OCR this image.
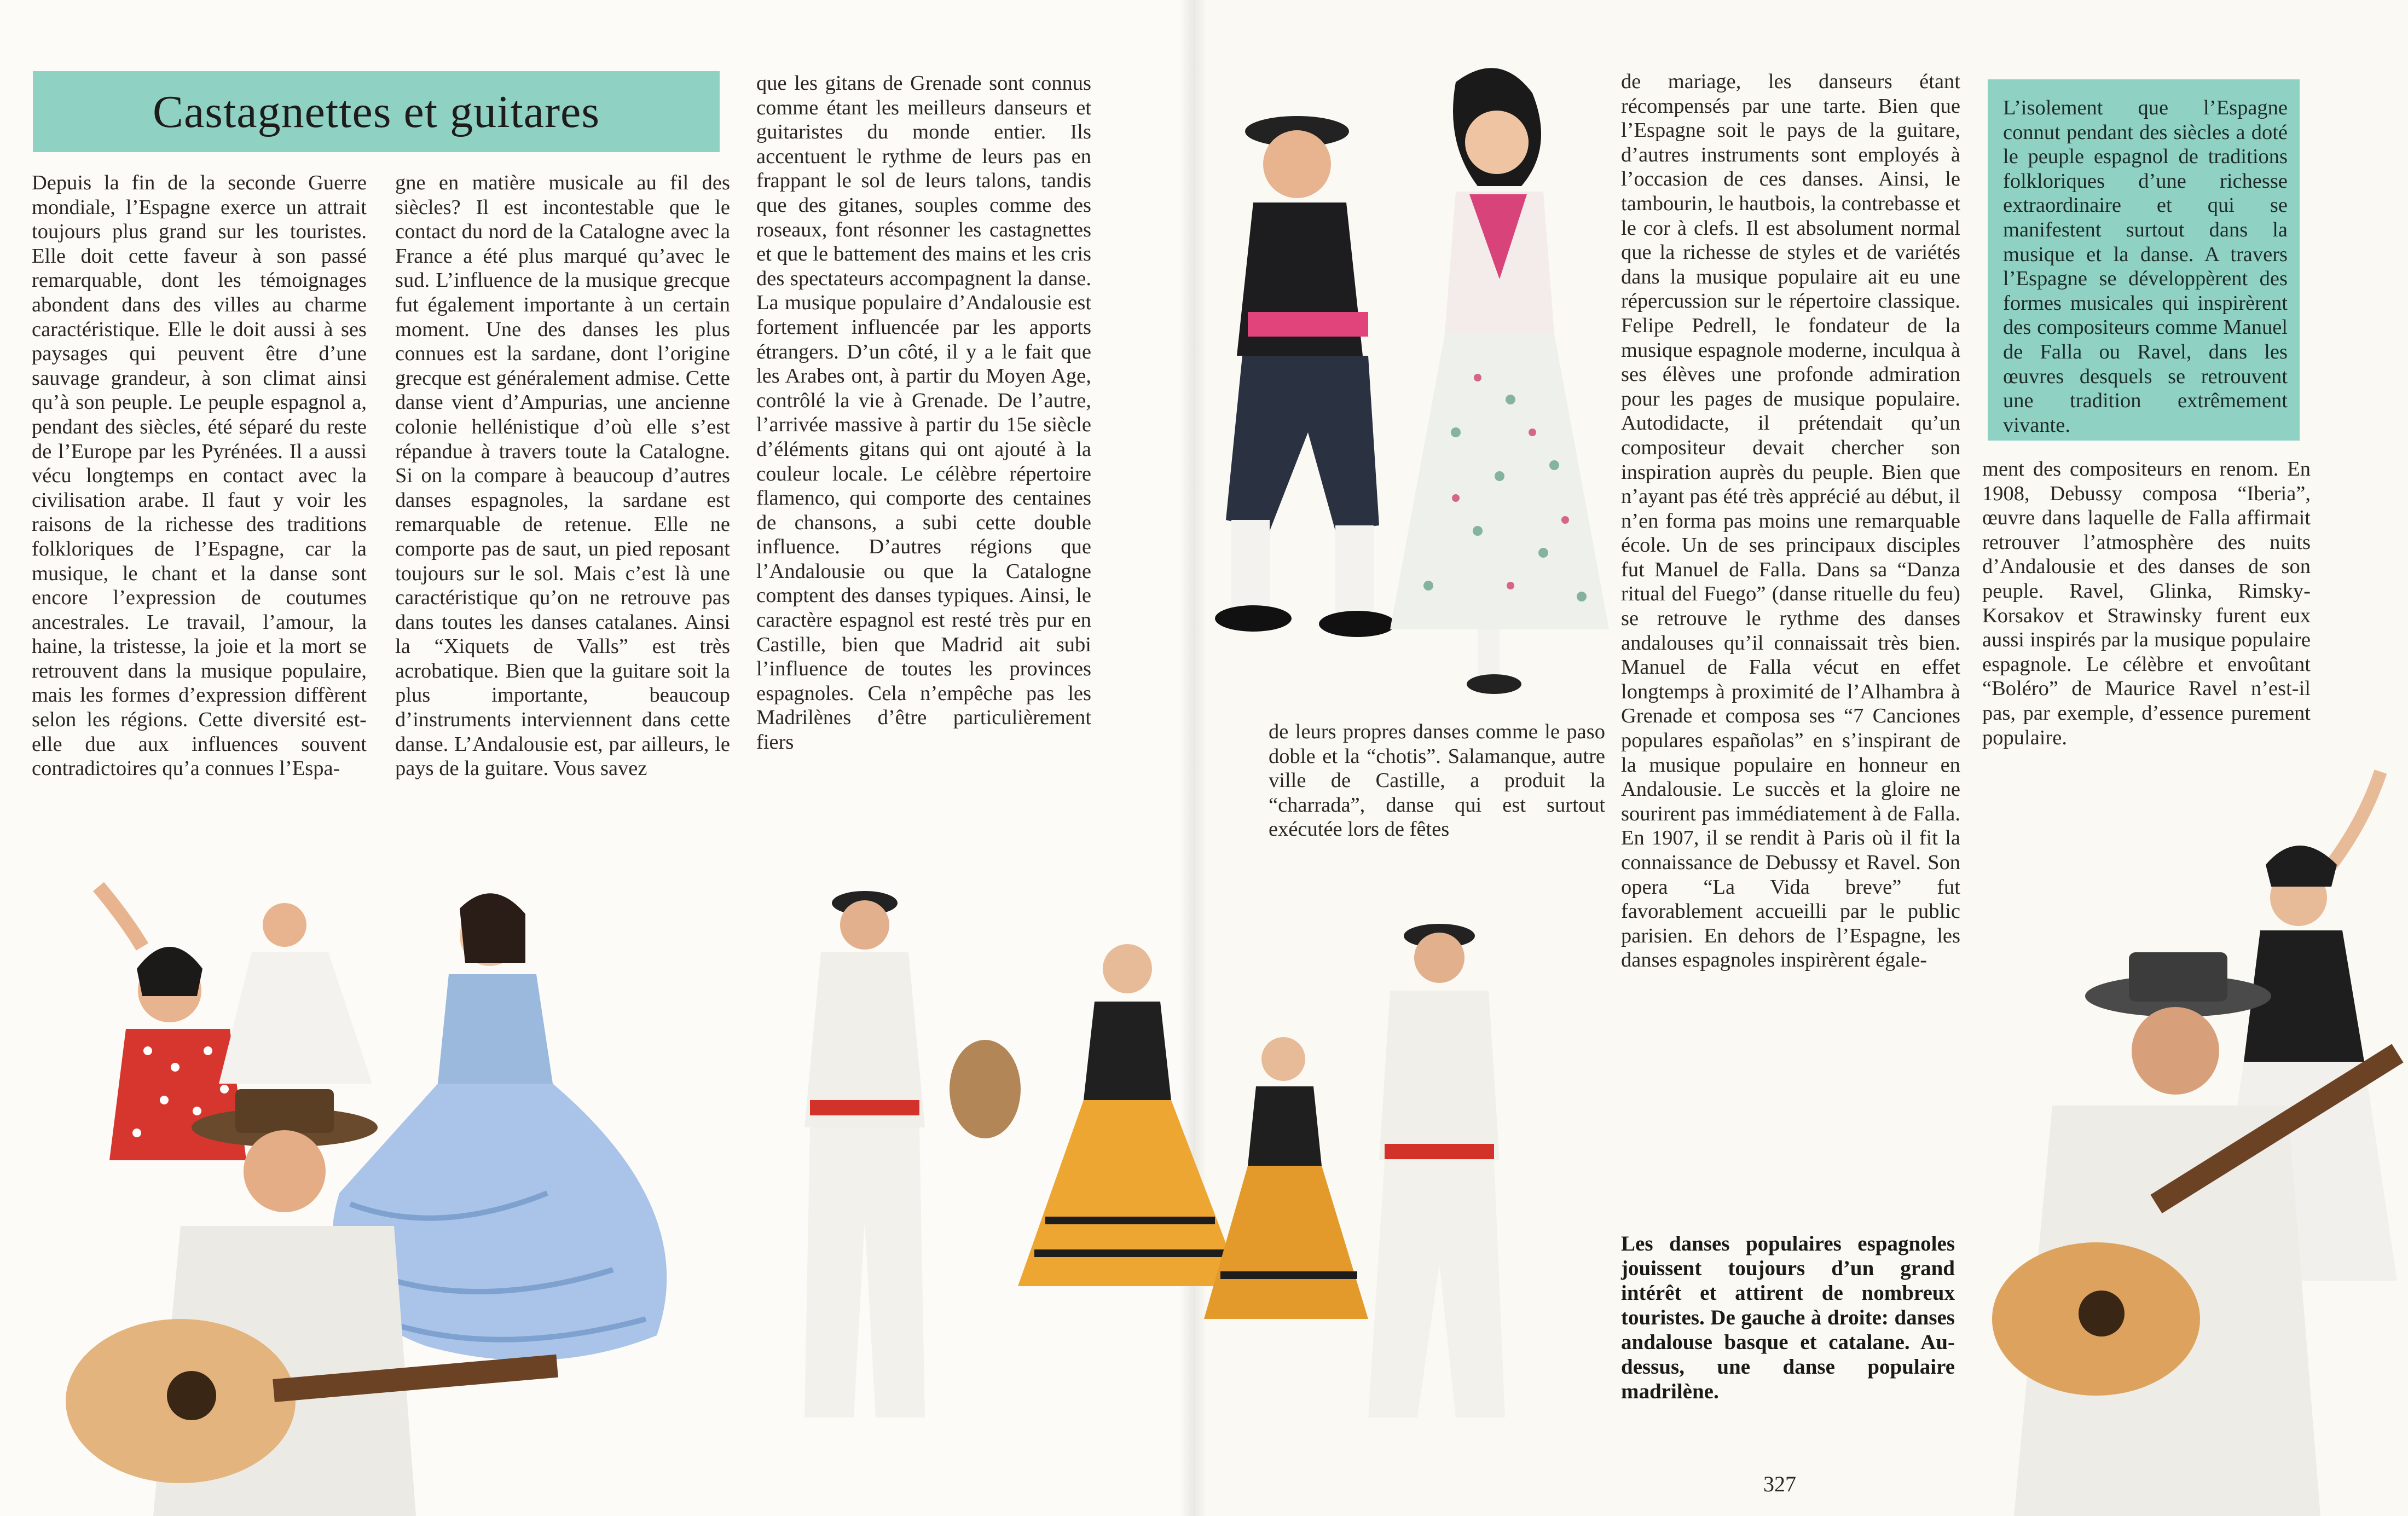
Castagnettes et guitares

Depuis la fin de la seconde Guerre mondiale, l’Espagne exerce un attrait toujours plus grand sur les touristes. Elle doit cette faveur à son passé remarquable, dont les témoignages abondent dans des villes au charme caractéristique. Elle le doit aussi à ses paysages qui peuvent être d’une sauvage grandeur, à son climat ainsi qu’à son peuple. Le peuple espagnol a, pendant des siècles, été séparé du reste de l’Europe par les Pyrénées. Il a aussi vécu longtemps en contact avec la civilisation arabe. Il faut y voir les raisons de la richesse des traditions folkloriques de l’Espagne, car la musique, le chant et la danse sont encore l’expression de coutumes ancestrales. Le travail, l’amour, la haine, la tristesse, la joie et la mort se retrouvent dans la musique populaire, mais les formes d’expression diffèrent selon les régions. Cette diversité est-elle due aux influences souvent contradictoires qu’a connues l’Espa-

gne en matière musicale au fil des siècles? Il est incontestable que le contact du nord de la Catalogne avec la France a été plus marqué qu’avec le sud. L’influence de la musique grecque fut également importante à un certain moment. Une des danses les plus connues est la sardane, dont l’origine grecque est généralement admise. Cette danse vient d’Ampurias, une ancienne colonie hellénistique d’où elle s’est répandue à travers toute la Catalogne. Si on la compare à beaucoup d’autres danses espagnoles, la sardane est remarquable de retenue. Elle ne comporte pas de saut, un pied reposant toujours sur le sol. Mais c’est là une caractéristique qu’on ne retrouve pas dans toutes les danses catalanes. Ainsi la “Xiquets de Valls” est très acrobatique. Bien que la guitare soit la plus importante, beaucoup d’instruments interviennent dans cette danse. L’Andalousie est, par ailleurs, le pays de la guitare. Vous savez

que les gitans de Grenade sont connus comme étant les meilleurs danseurs et guitaristes du monde entier. Ils accentuent le rythme de leurs pas en frappant le sol de leurs talons, tandis que des gitanes, souples comme des roseaux, font résonner les castagnettes et que le battement des mains et les cris des spectateurs accompagnent la danse. La musique populaire d’Andalousie est fortement influencée par les apports étrangers. D’un côté, il y a le fait que les Arabes ont, à partir du Moyen Age, contrôlé la vie à Grenade. De l’autre, l’arrivée massive à partir du 15e siècle d’éléments gitans qui ont ajouté à la couleur locale. Le célèbre répertoire flamenco, qui comporte des centaines de chansons, a subi cette double influence. D’autres régions que l’Andalousie ou que la Catalogne comptent des danses typiques. Ainsi, le caractère espagnol est resté très pur en Castille, bien que Madrid ait subi l’influence de toutes les provinces espagnoles. Cela n’empêche pas les Madrilènes d’être particulièrement fiers	de leurs propres danses comme le paso doble et la “chotis”. Salamanque, autre ville de Castille, a produit la “charrada”, danse qui est surtout exécutée lors de fêtes

de mariage, les danseurs étant récompensés par une tarte. Bien que l’Espagne soit le pays de la guitare, d’autres instruments sont employés à l’occasion de ces danses. Ainsi, le tambourin, le hautbois, la contrebasse et le cor à clefs. Il est absolument normal que la richesse de styles et de variétés dans la musique populaire ait eu une répercussion sur le répertoire classique. Felipe Pedrell, le fondateur de la musique espagnole moderne, inculqua à ses élèves une profonde admiration pour les pages de musique populaire. Autodidacte, il prétendait qu’un compositeur devait chercher son inspiration auprès du peuple. Bien que n’ayant pas été très apprécié au début, il n’en forma pas moins une remarquable école. Un de ses principaux disciples fut Manuel de Falla. Dans sa “Danza ritual del Fuego” (danse rituelle du feu) se retrouve le rythme des danses andalouses qu’il connaissait très bien. Manuel de Falla vécut en effet longtemps à proximité de l’Alhambra à Grenade et composa ses “7 Canciones populares españolas” en s’inspirant de la musique populaire en honneur en Andalousie. Le succès et la gloire ne sourirent pas immédiatement à de Falla. En 1907, il se rendit à Paris où il fit la connaissance de Debussy et Ravel. Son opera “La Vida breve” fut favorablement accueilli par le public parisien. En dehors de l’Espagne, les danses espagnoles inspirèrent égale-

L’isolement que l’Espagne connut pendant des siècles a doté le peuple espagnol de traditions folkloriques d’une richesse extraordinaire et qui se manifestent surtout dans la musique et la danse. A travers l’Espagne se développèrent des formes musicales qui inspirèrent des compositeurs comme Manuel de Falla ou Ravel, dans les œuvres desquels se retrouvent une tradition extrêmement vivante.

ment des compositeurs en renom. En 1908, Debussy composa “Iberia”, œuvre dans laquelle de Falla affirmait retrouver l’atmosphère des nuits d’Andalousie et des danses de son peuple. Ravel, Glinka, Rimsky-Korsakov et Strawinsky furent eux aussi inspirés par la musique populaire espagnole. Le célèbre et envoûtant “Boléro” de Maurice Ravel n’est-il pas, par exemple, d’essence purement populaire.

Les danses populaires espagnoles jouissent toujours d’un grand intérêt et attirent de nombreux touristes. De gauche à droite: danses andalouse basque et catalane. Au-dessus, une danse populaire madrilène.

327
